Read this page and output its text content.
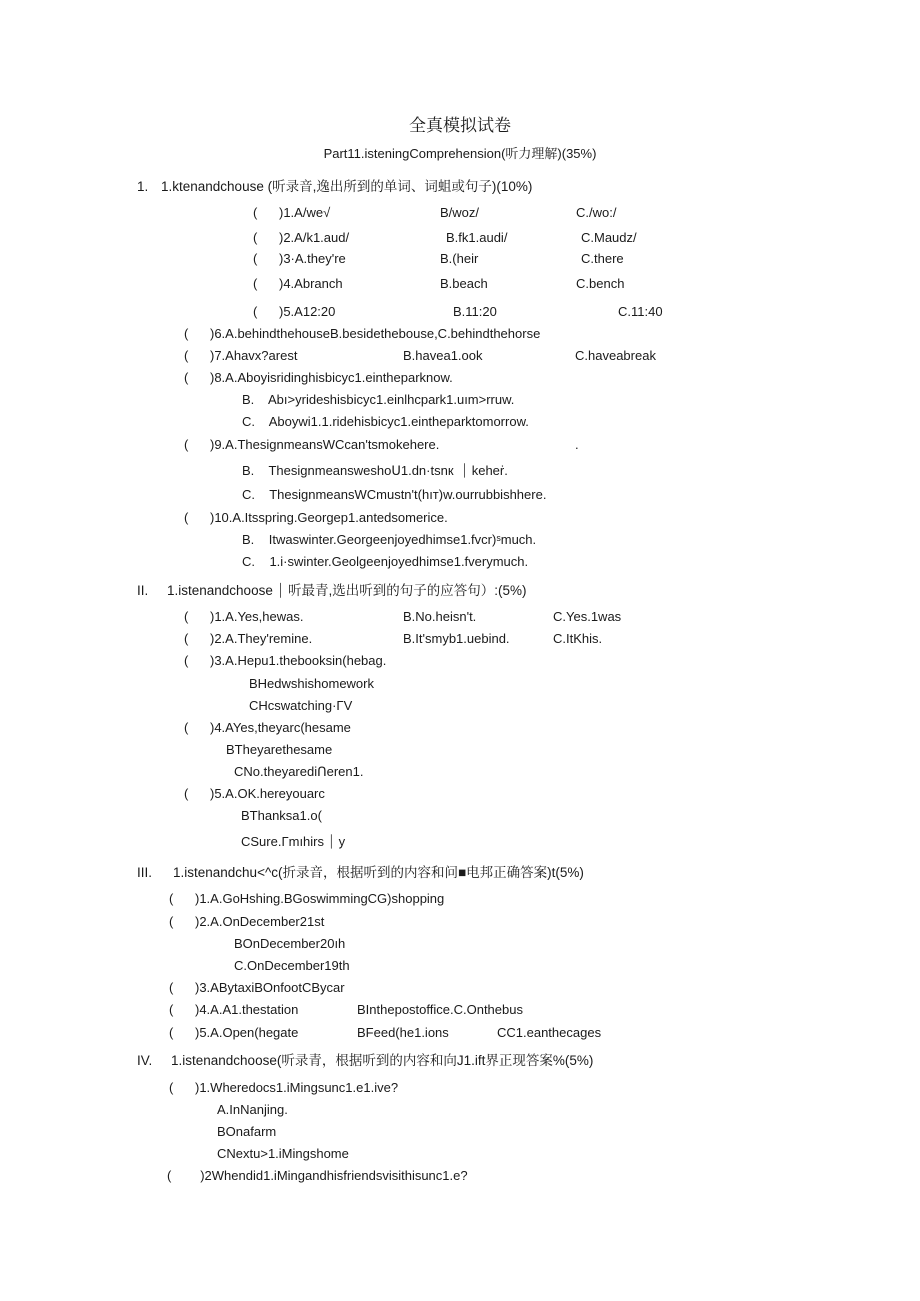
全真模拟试卷
Part11.isteningComprehension(听力理解)(35%)
1. 1.ktenandchouse (听录音,逸出所到的单词、词蛆或句子)(10%)
(      )1.A/we√	B/woz/	C./wo:/
(      )2.A/k1.aud/	B.fk1.audi/	C.Maudz/
(      )3·A.they're	B.(heir	C.there
(      )4.Abranch	B.beach	C.bench
(      )5.A12:20	B.11:20	C.11:40
(      )6.A.behindthehouseB.besidethebouse,C.behindthehorse
(      )7.Ahavx?arest	B.havea1.ook	C.haveabreak
(      )8.A.Aboyisridinghisbicyc1.eintheparknow.
B.    Abı>yrideshisbicyc1.einlhcpark1.uım>rruw.
C.    Aboywi1.1.ridehisbicyc1.eintheparktomorrow.
(      )9.A.ThesignmeansWCcan'tsmokehere.	.
B.    Thesignmeansweshoᑌ1.dn·tsnк  ⏐ keheṙ.
C.    ThesignmeansWCmustn't(hıт)w.ourrubbishhere.
(      )10.A.Itsspring.Georgep1.antedsomerice.
B.    Itwaswinter.Georgeenjoyedhimse1.fvcr)ˢmuch.
C.    1.i·swinter.Geolgeenjoyedhimse1.fverymuch.
II. 1.istenandchoose ⏐ 听最青,选出听到的句子的应答句）:(5%)
(      )1.A.Yes,hewas.	B.No.heisn't.	C.Yes.1was
(      )2.A.They'remine.	B.It'smyb1.uebind.	C.ItKhis.
(      )3.A.Hepu1.thebooksin(hebag.
BHedwshishomework
CHcswatching·ΓV
(      )4.AYes,theyarc(hesame
BTheyarethesame
CNo.theyarediᑎeren1.
(      )5.A.OK.hereyouarc
BThanksa1.o(
CSure.Γmıhirs ⏐ y
III. 1.istenandchu<^c(折录音，根据听到的内容和问■电邦正确答案)t(5%)
(      )1.A.GoHshing.BGoswimmingCG)shopping
(      )2.A.OnDecember21st
BOnDecember20ıh
C.OnDecember19th
(      )3.ABytaxiBOnfootCBycar
(      )4.A.A1.thestation	BInthepostoffice.C.Onthebus
(      )5.A.Open(hegate	BFeed(he1.ions	CC1.eanthecages
IV. 1.istenandchoose(听录青，根据听到的内容和向J1.ift界正现答案%(5%)
(      )1.Wheredocs1.iMingsunc1.e1.ive?
A.InNanjing.
BOnafarm
CNextu>1.iMingshome
(        )2Whendid1.iMingandhisfriendsvisithisunc1.e?
